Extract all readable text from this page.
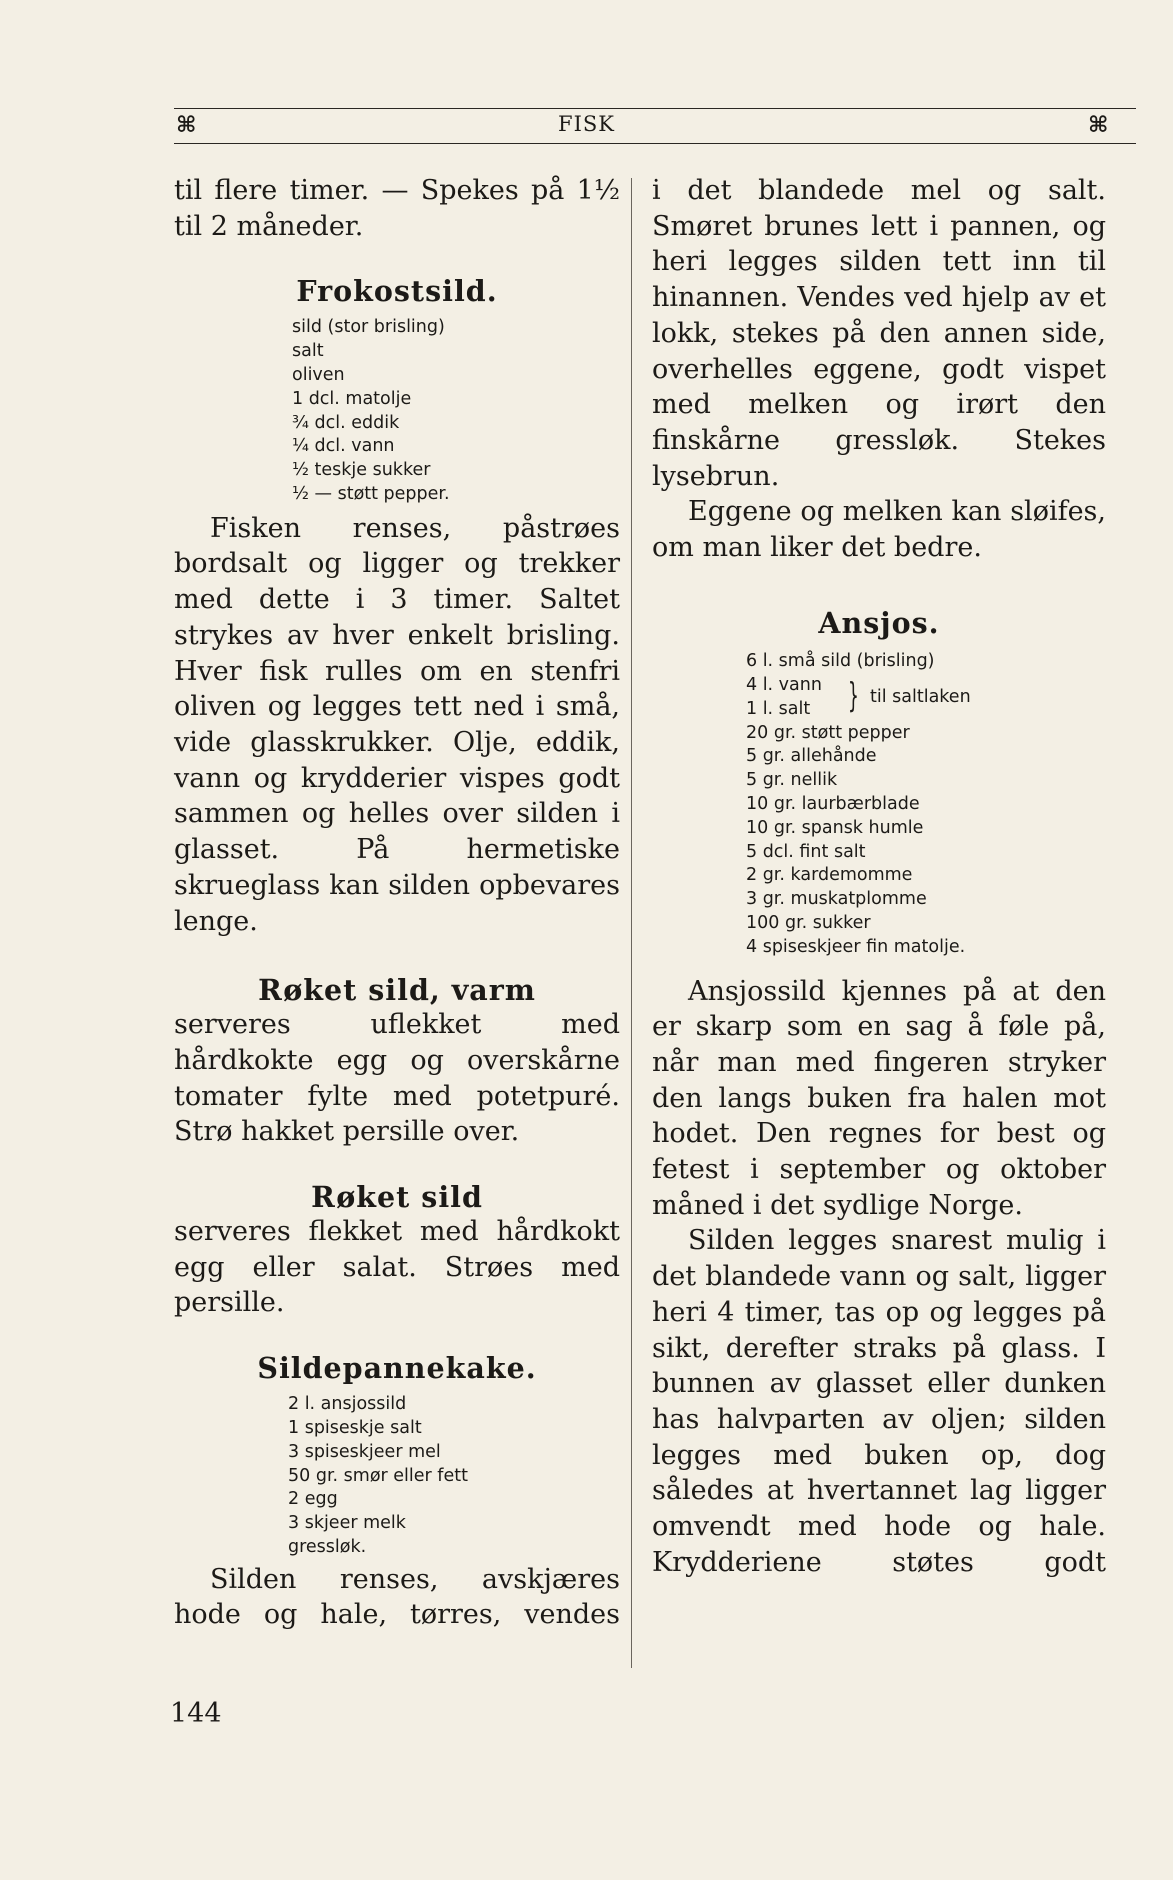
⌘	FISK	⌘

til flere timer. — Spekes på 1½ til 2 måneder.

Frokostsild.
sild (stor brisling)
salt
oliven
1 dcl. matolje
¾ dcl. eddik
¼ dcl. vann
½ teskje sukker
½ — støtt pepper.

Fisken renses, påstrøes bordsalt og ligger og trekker med dette i 3 timer. Saltet strykes av hver enkelt brisling. Hver fisk rulles om en stenfri oliven og legges tett ned i små, vide glasskrukker. Olje, eddik, vann og krydderier vispes godt sammen og helles over silden i glasset. På hermetiske skrueglass kan silden opbevares lenge.

Røket sild, varm

serveres uflekket med hårdkokte egg og overskårne tomater fylte med potetpuré. Strø hakket persille over.

Røket sild

serveres flekket med hårdkokt egg eller salat. Strøes med persille.

Sildepannekake.
2 l. ansjossild
1 spiseskje salt
3 spiseskjeer mel
50 gr. smør eller fett
2 egg
3 skjeer melk
gressløk.

Silden renses, avskjæres hode og hale, tørres, vendes

i det blandede mel og salt. Smøret brunes lett i pannen, og heri legges silden tett inn til hinannen. Vendes ved hjelp av et lokk, stekes på den annen side, overhelles eggene, godt vispet med melken og irørt den finskårne gressløk. Stekes lysebrun.

Eggene og melken kan sløifes, om man liker det bedre.

Ansjos.
6 l. små sild (brisling)
4 l. vann
1 l. salt } til saltlaken
20 gr. støtt pepper
5 gr. allehånde
5 gr. nellik
10 gr. laurbærblade
10 gr. spansk humle
5 dcl. fint salt
2 gr. kardemomme
3 gr. muskatplomme
100 gr. sukker
4 spiseskjeer fin matolje.

Ansjossild kjennes på at den er skarp som en sag å føle på, når man med fingeren stryker den langs buken fra halen mot hodet. Den regnes for best og fetest i september og oktober måned i det sydlige Norge.

Silden legges snarest mulig i det blandede vann og salt, ligger heri 4 timer, tas op og legges på sikt, derefter straks på glass. I bunnen av glasset eller dunken has halvparten av oljen; silden legges med buken op, dog således at hvertannet lag ligger omvendt med hode og hale. Krydderiene støtes godt

144
